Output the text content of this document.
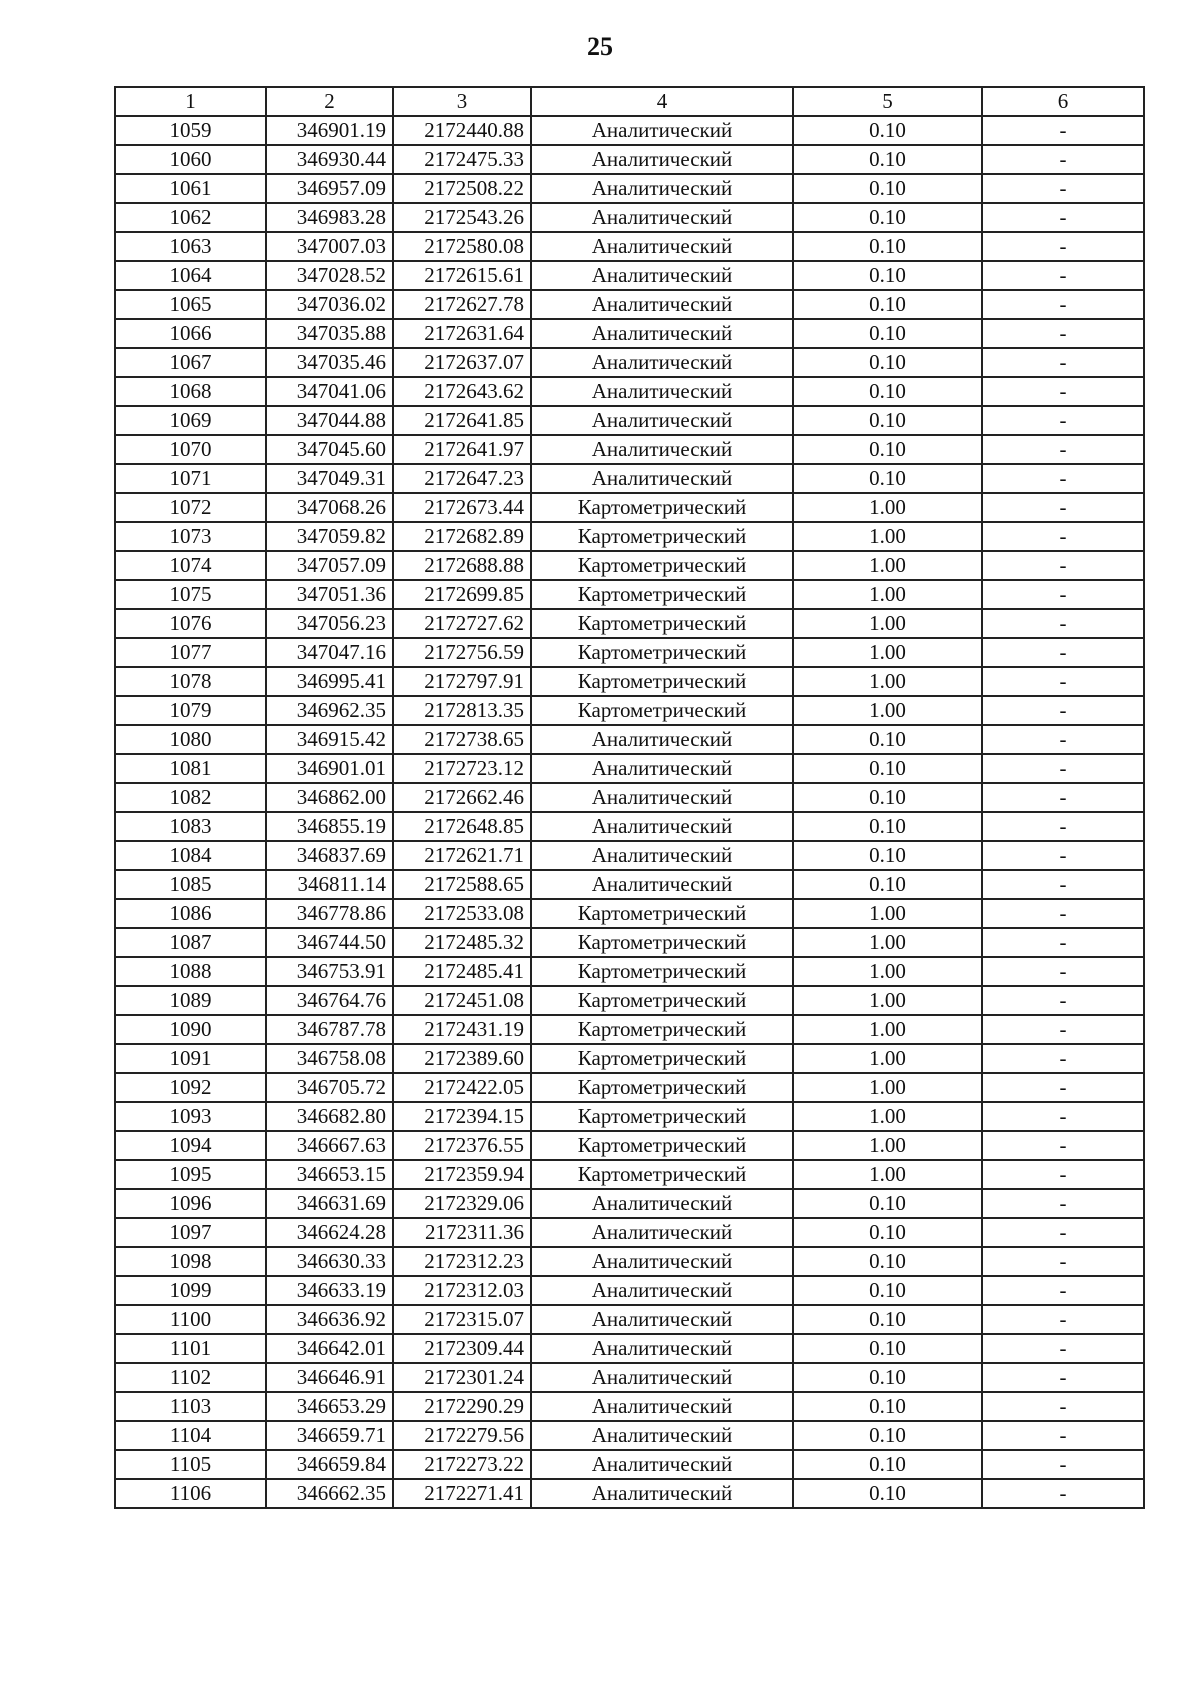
25
1	2	3	4	5	6
1059	346901.19	2172440.88	Аналитический	0.10	-
1060	346930.44	2172475.33	Аналитический	0.10	-
1061	346957.09	2172508.22	Аналитический	0.10	-
1062	346983.28	2172543.26	Аналитический	0.10	-
1063	347007.03	2172580.08	Аналитический	0.10	-
1064	347028.52	2172615.61	Аналитический	0.10	-
1065	347036.02	2172627.78	Аналитический	0.10	-
1066	347035.88	2172631.64	Аналитический	0.10	-
1067	347035.46	2172637.07	Аналитический	0.10	-
1068	347041.06	2172643.62	Аналитический	0.10	-
1069	347044.88	2172641.85	Аналитический	0.10	-
1070	347045.60	2172641.97	Аналитический	0.10	-
1071	347049.31	2172647.23	Аналитический	0.10	-
1072	347068.26	2172673.44	Картометрический	1.00	-
1073	347059.82	2172682.89	Картометрический	1.00	-
1074	347057.09	2172688.88	Картометрический	1.00	-
1075	347051.36	2172699.85	Картометрический	1.00	-
1076	347056.23	2172727.62	Картометрический	1.00	-
1077	347047.16	2172756.59	Картометрический	1.00	-
1078	346995.41	2172797.91	Картометрический	1.00	-
1079	346962.35	2172813.35	Картометрический	1.00	-
1080	346915.42	2172738.65	Аналитический	0.10	-
1081	346901.01	2172723.12	Аналитический	0.10	-
1082	346862.00	2172662.46	Аналитический	0.10	-
1083	346855.19	2172648.85	Аналитический	0.10	-
1084	346837.69	2172621.71	Аналитический	0.10	-
1085	346811.14	2172588.65	Аналитический	0.10	-
1086	346778.86	2172533.08	Картометрический	1.00	-
1087	346744.50	2172485.32	Картометрический	1.00	-
1088	346753.91	2172485.41	Картометрический	1.00	-
1089	346764.76	2172451.08	Картометрический	1.00	-
1090	346787.78	2172431.19	Картометрический	1.00	-
1091	346758.08	2172389.60	Картометрический	1.00	-
1092	346705.72	2172422.05	Картометрический	1.00	-
1093	346682.80	2172394.15	Картометрический	1.00	-
1094	346667.63	2172376.55	Картометрический	1.00	-
1095	346653.15	2172359.94	Картометрический	1.00	-
1096	346631.69	2172329.06	Аналитический	0.10	-
1097	346624.28	2172311.36	Аналитический	0.10	-
1098	346630.33	2172312.23	Аналитический	0.10	-
1099	346633.19	2172312.03	Аналитический	0.10	-
1100	346636.92	2172315.07	Аналитический	0.10	-
1101	346642.01	2172309.44	Аналитический	0.10	-
1102	346646.91	2172301.24	Аналитический	0.10	-
1103	346653.29	2172290.29	Аналитический	0.10	-
1104	346659.71	2172279.56	Аналитический	0.10	-
1105	346659.84	2172273.22	Аналитический	0.10	-
1106	346662.35	2172271.41	Аналитический	0.10	-
